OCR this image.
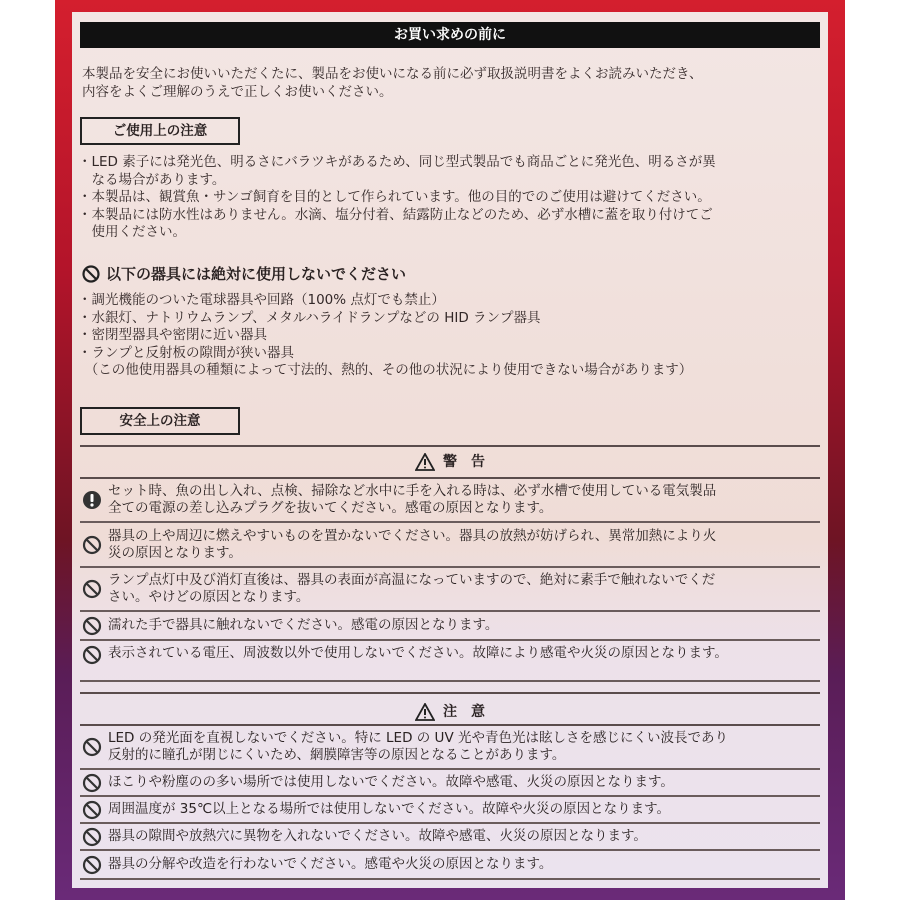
お買い求めの前に
本製品を安全にお使いいただくたに、製品をお使いになる前に必ず取扱説明書をよくお読みいただき、
内容をよくご理解のうえで正しくお使いください。
ご使用上の注意
・LED 素子には発光色、明るさにバラツキがあるため、同じ型式製品でも商品ごとに発光色、明るさが異
　なる場合があります。
・本製品は、観賞魚・サンゴ飼育を目的として作られています。他の目的でのご使用は避けてください。
・本製品には防水性はありません。水滴、塩分付着、結露防止などのため、必ず水槽に蓋を取り付けてご
　使用ください。
以下の器具には絶対に使用しないでください
・調光機能のついた電球器具や回路（100% 点灯でも禁止）
・水銀灯、ナトリウムランプ、メタルハライドランプなどの HID ランプ器具
・密閉型器具や密閉に近い器具
・ランプと反射板の隙間が狭い器具
　（この他使用器具の種類によって寸法的、熱的、その他の状況により使用できない場合があります）
安全上の注意
警　告
セット時、魚の出し入れ、点検、掃除など水中に手を入れる時は、必ず水槽で使用している電気製品
全ての電源の差し込みプラグを抜いてください。感電の原因となります。
器具の上や周辺に燃えやすいものを置かないでください。器具の放熱が妨げられ、異常加熱により火
災の原因となります。
ランプ点灯中及び消灯直後は、器具の表面が高温になっていますので、絶対に素手で触れないでくだ
さい。やけどの原因となります。
濡れた手で器具に触れないでください。感電の原因となります。
表示されている電圧、周波数以外で使用しないでください。故障により感電や火災の原因となります。
注　意
LED の発光面を直視しないでください。特に LED の UV 光や青色光は眩しさを感じにくい波長であり
反射的に瞳孔が閉じにくいため、網膜障害等の原因となることがあります。
ほこりや粉塵のの多い場所では使用しないでください。故障や感電、火災の原因となります。
周囲温度が 35℃以上となる場所では使用しないでください。故障や火災の原因となります。
器具の隙間や放熱穴に異物を入れないでください。故障や感電、火災の原因となります。
器具の分解や改造を行わないでください。感電や火災の原因となります。
